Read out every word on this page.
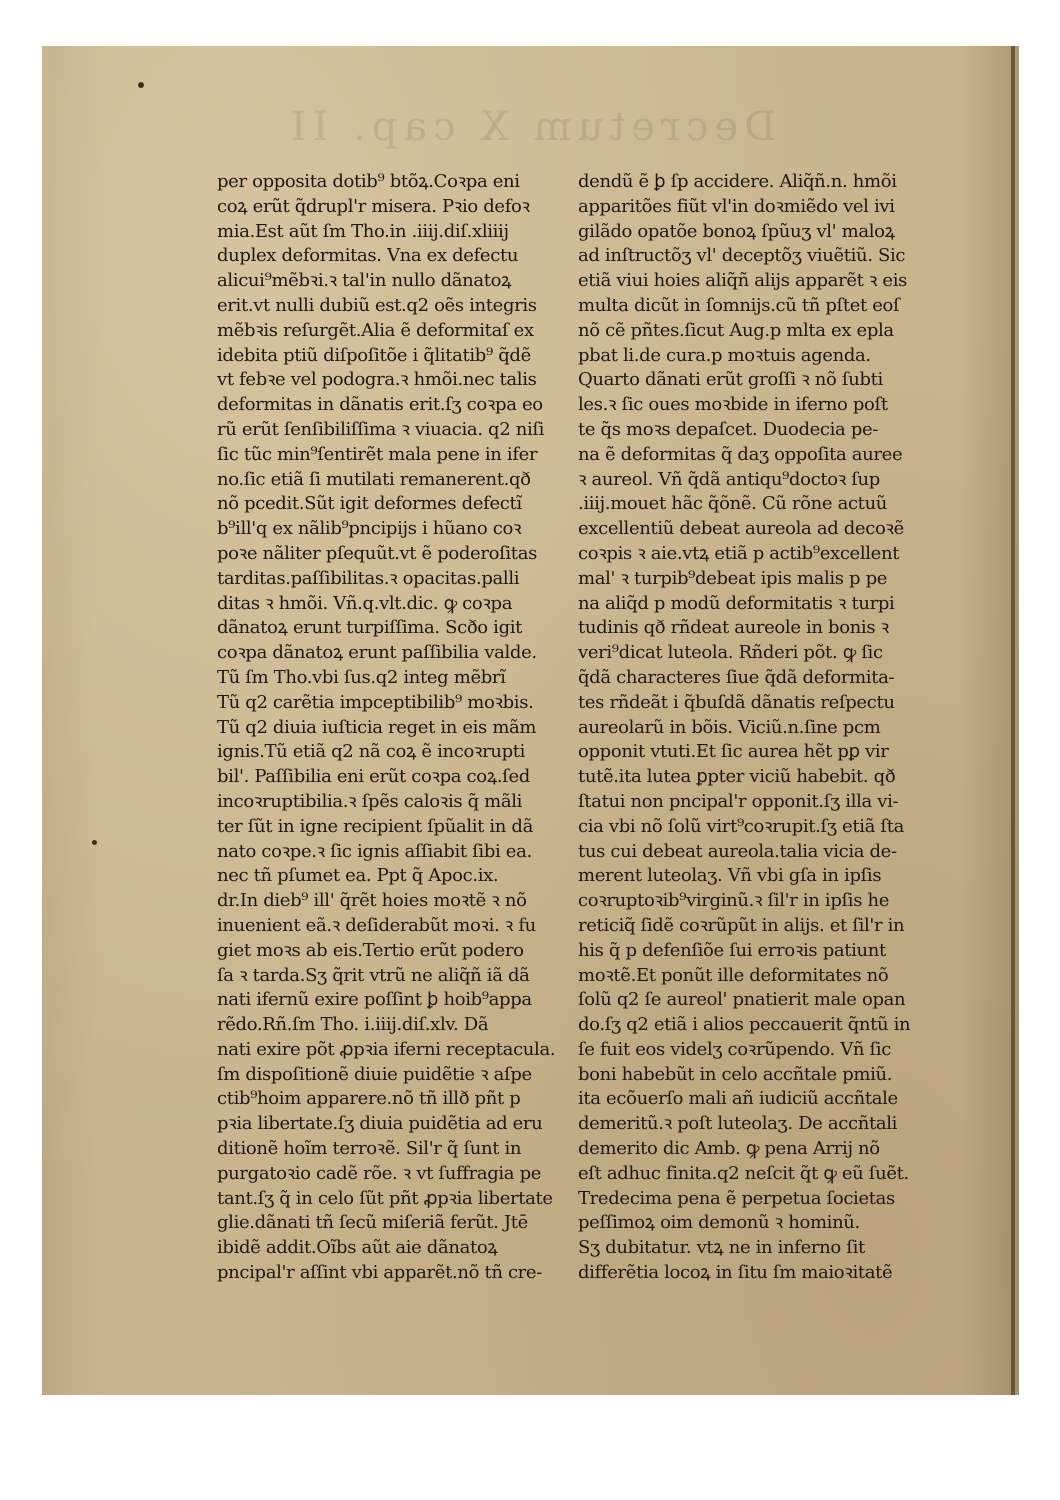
Decretum X cap. II
per opposita dotib⁹ btõꝝ.Coꝛpa eni
coꝝ erũt q̃drupl'r misera. Pꝛio defoꝛ
mia.Est aũt ſm Tho.in .iiij.diſ.xliiij
duplex deformitas. Vna ex defectu
alicui⁹mẽbꝛi.ꝛ tal'in nullo dãnatoꝝ
erit.vt nulli dubiũ est.q2 oẽs integris
mẽbꝛis reſurgẽt.Alia ẽ deformitaſ ex
idebita ptiũ diſpoſitõe i q̃litatib⁹ q̃dẽ
vt febꝛe vel podogra.ꝛ hmõi.nec talis
deformitas in dãnatis erit.ſʒ coꝛpa eo
rũ erũt ſenſibiliſſima ꝛ viuacia. q2 niſi
ſic tũc min⁹ſentirẽt mala pene in ifer
no.ſic etiã ſi mutilati remanerent.qð
nõ pcedit.Sũt igit deformes defectĩ
b⁹ill'q ex nãlib⁹pncipijs i hũano coꝛ
poꝛe nãliter pſequũt.vt ẽ poderoſitas
tarditas.paſſibilitas.ꝛ opacitas.palli
ditas ꝛ hmõi. Vñ.q.vlt.dic. ꝙ coꝛpa
dãnatoꝝ erunt turpiſſima. Scðo igit
coꝛpa dãnatoꝝ erunt paſſibilia valde.
Tũ ſm Tho.vbi ſus.q2 integ mẽbrĩ
Tũ q2 carẽtia impceptibilib⁹ moꝛbis.
Tũ q2 diuia iuſticia reget in eis mãm
ignis.Tũ etiã q2 nã coꝝ ẽ incoꝛrupti
bil'. Paſſibilia eni erũt coꝛpa coꝝ.ſed
incoꝛruptibilia.ꝛ ſpẽs caloꝛis q̃ mãli
ter ſũt in igne recipient ſpũalit in dã
nato coꝛpe.ꝛ ſic ignis aſſiabit ſibi ea.
nec tñ pſumet ea. Ppt q̃ Apoc.ix.
dr.In dieb⁹ ill' q̃rẽt hoies moꝛtẽ ꝛ nõ
inuenient eã.ꝛ deſiderabũt moꝛi. ꝛ fu
giet moꝛs ab eis.Tertio erũt podero
ſa ꝛ tarda.Sʒ q̃rit vtrũ ne aliq̃ñ iã dã
nati ifernũ exire poſſint ꝧ hoib⁹appa
rẽdo.Rñ.ſm Tho. i.iiij.diſ.xlv. Dã
nati exire põt ꝓpꝛia iferni receptacula.
ſm dispoſitionẽ diuie puidẽtie ꝛ aſpe
ctib⁹hoim apparere.nõ tñ illð pñt p
pꝛia libertate.ſʒ diuia puidẽtia ad eru
ditionẽ hoĩm terroꝛẽ. Sil'r q̃ ſunt in
purgatoꝛio cadẽ rõe. ꝛ vt ſuffragia pe
tant.ſʒ q̃ in celo ſũt pñt ꝓpꝛia libertate
glie.dãnati tñ ſecũ miſeriã ferũt. Jtē
ibidẽ addit.Oĩbs aũt aie dãnatoꝝ
pncipal'r aſſint vbi apparẽt.nõ tñ cre-
dendũ ẽ ꝧ ſp accidere. Aliq̃ñ.n. hmõi
apparitões fiũt vl'in doꝛmiẽdo vel ivi
gilãdo opatõe bonoꝝ ſpũuʒ vl' maloꝝ
ad inſtructõʒ vl' deceptõʒ viuẽtiũ. Sic
etiã viui hoies aliq̃ñ alijs apparẽt ꝛ eis
multa dicũt in ſomnijs.cũ tñ pſtet eoſ
nõ cẽ pñtes.ſicut Aug.p mlta ex epla
pbat li.de cura.p moꝛtuis agenda.
Quarto dãnati erũt groſſi ꝛ nõ ſubti
les.ꝛ ſic oues moꝛbide in iferno poſt
te q̃s moꝛs depaſcet. Duodecia pe-
na ẽ deformitas q̃ daʒ oppoſita auree
ꝛ aureol. Vñ q̃dã antiqu⁹doctoꝛ ſup
.iiij.mouet hãc q̃õnẽ. Cũ rõne actuũ
excellentiũ debeat aureola ad decoꝛẽ
coꝛpis ꝛ aie.vtꝝ etiã p actib⁹excellent
mal' ꝛ turpib⁹debeat ipis malis p pe
na aliq̃d p modũ deformitatis ꝛ turpi
tudinis qð rñdeat aureole in bonis ꝛ
veri⁹dicat luteola. Rñderi põt. ꝙ ſic
q̃dã characteres ſiue q̃dã deformita-
tes rñdeãt i q̃buſdã dãnatis reſpectu
aureolarũ in bõis. Viciũ.n.ſine pcm
opponit vtuti.Et ſic aurea hẽt pꝑ vir
tutẽ.ita lutea ꝑpter viciũ habebit. qð
ſtatui non pncipal'r opponit.ſʒ illa vi-
cia vbi nõ ſolũ virt⁹coꝛrupit.ſʒ etiã ſta
tus cui debeat aureola.talia vicia de-
merent luteolaʒ. Vñ vbi gſa in ipſis
coꝛruptoꝛib⁹virginũ.ꝛ ſil'r in ipſis he
reticiq̃ ſidẽ coꝛrũpũt in alijs. et ſil'r in
his q̃ p defenſiõe ſui erroꝛis patiunt
moꝛtẽ.Et ponũt ille deformitates nõ
ſolũ q2 ſe aureol' pnatierit male opan
do.ſʒ q2 etiã i alios peccauerit q̃ntũ in
ſe fuit eos videlʒ coꝛrũpendo. Vñ ſic
boni habebũt in celo accñtale pmiũ.
ita ecõuerſo mali añ iudiciũ accñtale
demeritũ.ꝛ poſt luteolaʒ. De accñtali
demerito dic Amb. ꝙ pena Arrij nõ
eſt adhuc finita.q2 neſcit q̃t ꝙ eũ ſuẽt.
Tredecima pena ẽ perpetua ſocietas
peſſimoꝝ oim demonũ ꝛ hominũ.
Sʒ dubitatur. vtꝝ ne in inferno ſit
differẽtia locoꝝ in ſitu ſm maioꝛitatẽ
